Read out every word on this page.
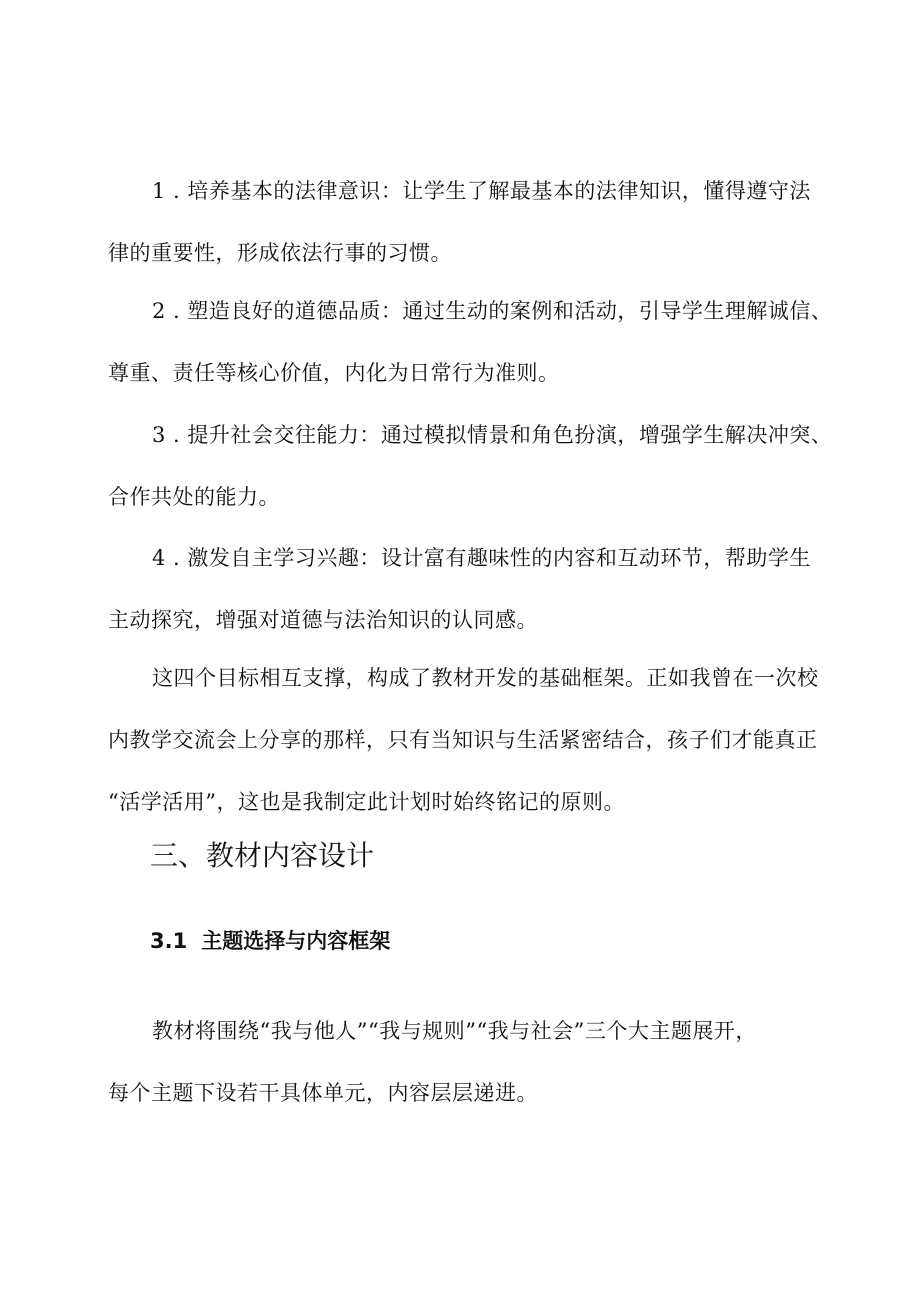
1 . 培养基本的法律意识：让学生了解最基本的法律知识，懂得遵守法
律的重要性，形成依法行事的习惯。

2 . 塑造良好的道德品质：通过生动的案例和活动，引导学生理解诚信、
尊重、责任等核心价值，内化为日常行为准则。

3 . 提升社会交往能力：通过模拟情景和角色扮演，增强学生解决冲突、
合作共处的能力。

4 . 激发自主学习兴趣：设计富有趣味性的内容和互动环节，帮助学生
主动探究，增强对道德与法治知识的认同感。

这四个目标相互支撑，构成了教材开发的基础框架。正如我曾在一次校
内教学交流会上分享的那样，只有当知识与生活紧密结合，孩子们才能真正
“活学活用”，这也是我制定此计划时始终铭记的原则。

三、教材内容设计
3.1 主题选择与内容框架

教材将围绕“我与他人”“我与规则”“我与社会”三个大主题展开，
每个主题下设若干具体单元，内容层层递进。
